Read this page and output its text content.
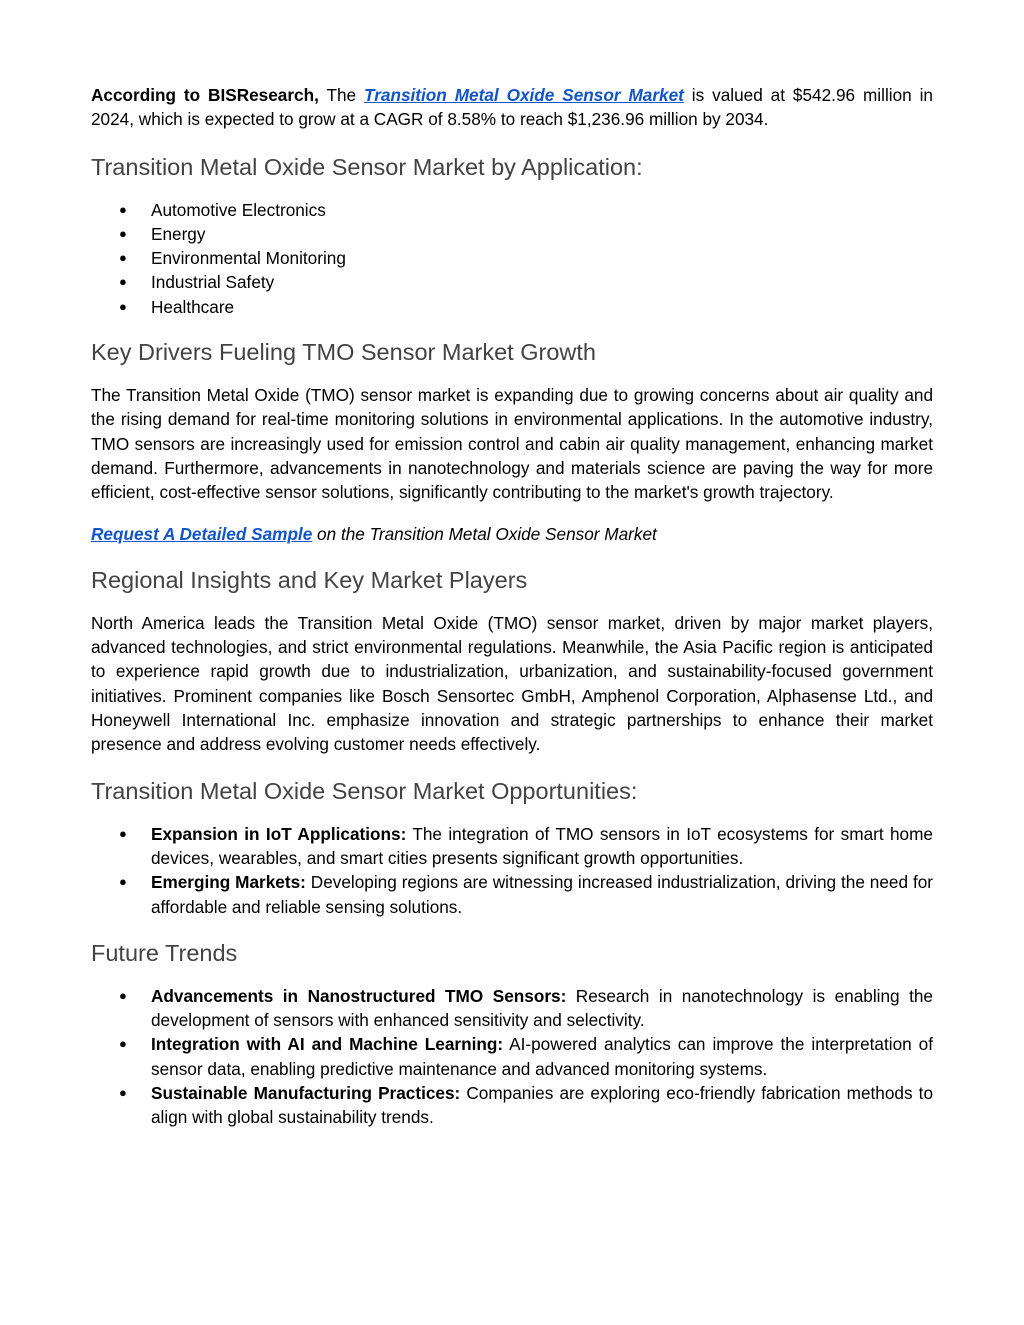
According to BISResearch, The Transition Metal Oxide Sensor Market is valued at $542.96 million in 2024, which is expected to grow at a CAGR of 8.58% to reach $1,236.96 million by 2034.

Transition Metal Oxide Sensor Market by Application:
● Automotive Electronics
● Energy
● Environmental Monitoring
● Industrial Safety
● Healthcare
Key Drivers Fueling TMO Sensor Market Growth

The Transition Metal Oxide (TMO) sensor market is expanding due to growing concerns about air quality and the rising demand for real-time monitoring solutions in environmental applications. In the automotive industry, TMO sensors are increasingly used for emission control and cabin air quality management, enhancing market demand. Furthermore, advancements in nanotechnology and materials science are paving the way for more efficient, cost-effective sensor solutions, significantly contributing to the market's growth trajectory.

Request A Detailed Sample on the Transition Metal Oxide Sensor Market

Regional Insights and Key Market Players

North America leads the Transition Metal Oxide (TMO) sensor market, driven by major market players, advanced technologies, and strict environmental regulations. Meanwhile, the Asia Pacific region is anticipated to experience rapid growth due to industrialization, urbanization, and sustainability-focused government initiatives. Prominent companies like Bosch Sensortec GmbH, Amphenol Corporation, Alphasense Ltd., and Honeywell International Inc. emphasize innovation and strategic partnerships to enhance their market presence and address evolving customer needs effectively.

Transition Metal Oxide Sensor Market Opportunities:
● Expansion in IoT Applications: The integration of TMO sensors in IoT ecosystems for smart home devices, wearables, and smart cities presents significant growth opportunities.
● Emerging Markets: Developing regions are witnessing increased industrialization, driving the need for affordable and reliable sensing solutions.
Future Trends
● Advancements in Nanostructured TMO Sensors: Research in nanotechnology is enabling the development of sensors with enhanced sensitivity and selectivity.
● Integration with AI and Machine Learning: AI-powered analytics can improve the interpretation of sensor data, enabling predictive maintenance and advanced monitoring systems.
● Sustainable Manufacturing Practices: Companies are exploring eco-friendly fabrication methods to align with global sustainability trends.
